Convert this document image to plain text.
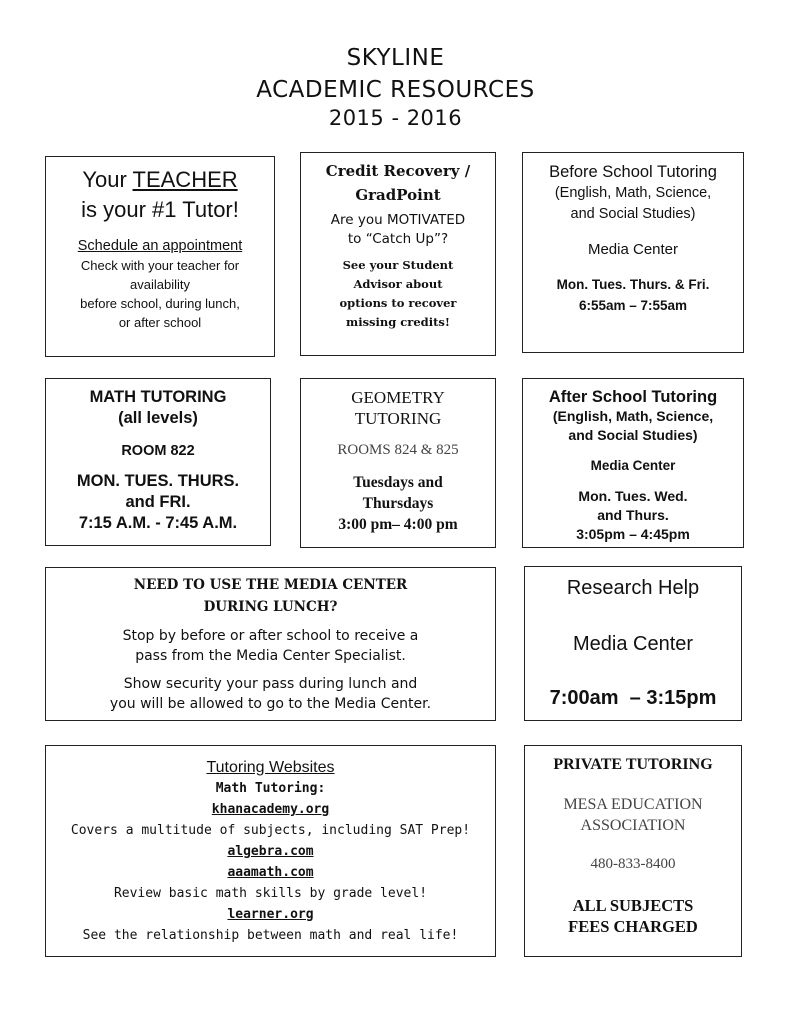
SKYLINE
ACADEMIC RESOURCES
2015 - 2016
Your TEACHER
is your #1 Tutor!
Schedule an appointment
Check with your teacher for
availability
before school, during lunch,
or after school
Credit Recovery /
GradPoint
Are you MOTIVATED
to “Catch Up”?
See your Student
Advisor about
options to recover
missing credits!
Before School Tutoring
(English, Math, Science,
and Social Studies)
Media Center
Mon. Tues. Thurs. & Fri.
6:55am – 7:55am
MATH TUTORING
(all levels)
ROOM 822
MON. TUES. THURS.
and FRI.
7:15 A.M. - 7:45 A.M.
GEOMETRY
TUTORING
ROOMS 824 & 825
Tuesdays and
Thursdays
3:00 pm– 4:00 pm
After School Tutoring
(English, Math, Science,
and Social Studies)
Media Center
Mon. Tues. Wed.
and Thurs.
3:05pm – 4:45pm
NEED TO USE THE MEDIA CENTER
DURING LUNCH?
Stop by before or after school to receive a
pass from the Media Center Specialist.
Show security your pass during lunch and
you will be allowed to go to the Media Center.
Research Help
Media Center
7:00am  – 3:15pm
Tutoring Websites
Math Tutoring:
khanacademy.org
Covers a multitude of subjects, including SAT Prep!
algebra.com
aaamath.com
Review basic math skills by grade level!
learner.org
See the relationship between math and real life!
PRIVATE TUTORING
MESA EDUCATION
ASSOCIATION
480-833-8400
ALL SUBJECTS
FEES CHARGED
